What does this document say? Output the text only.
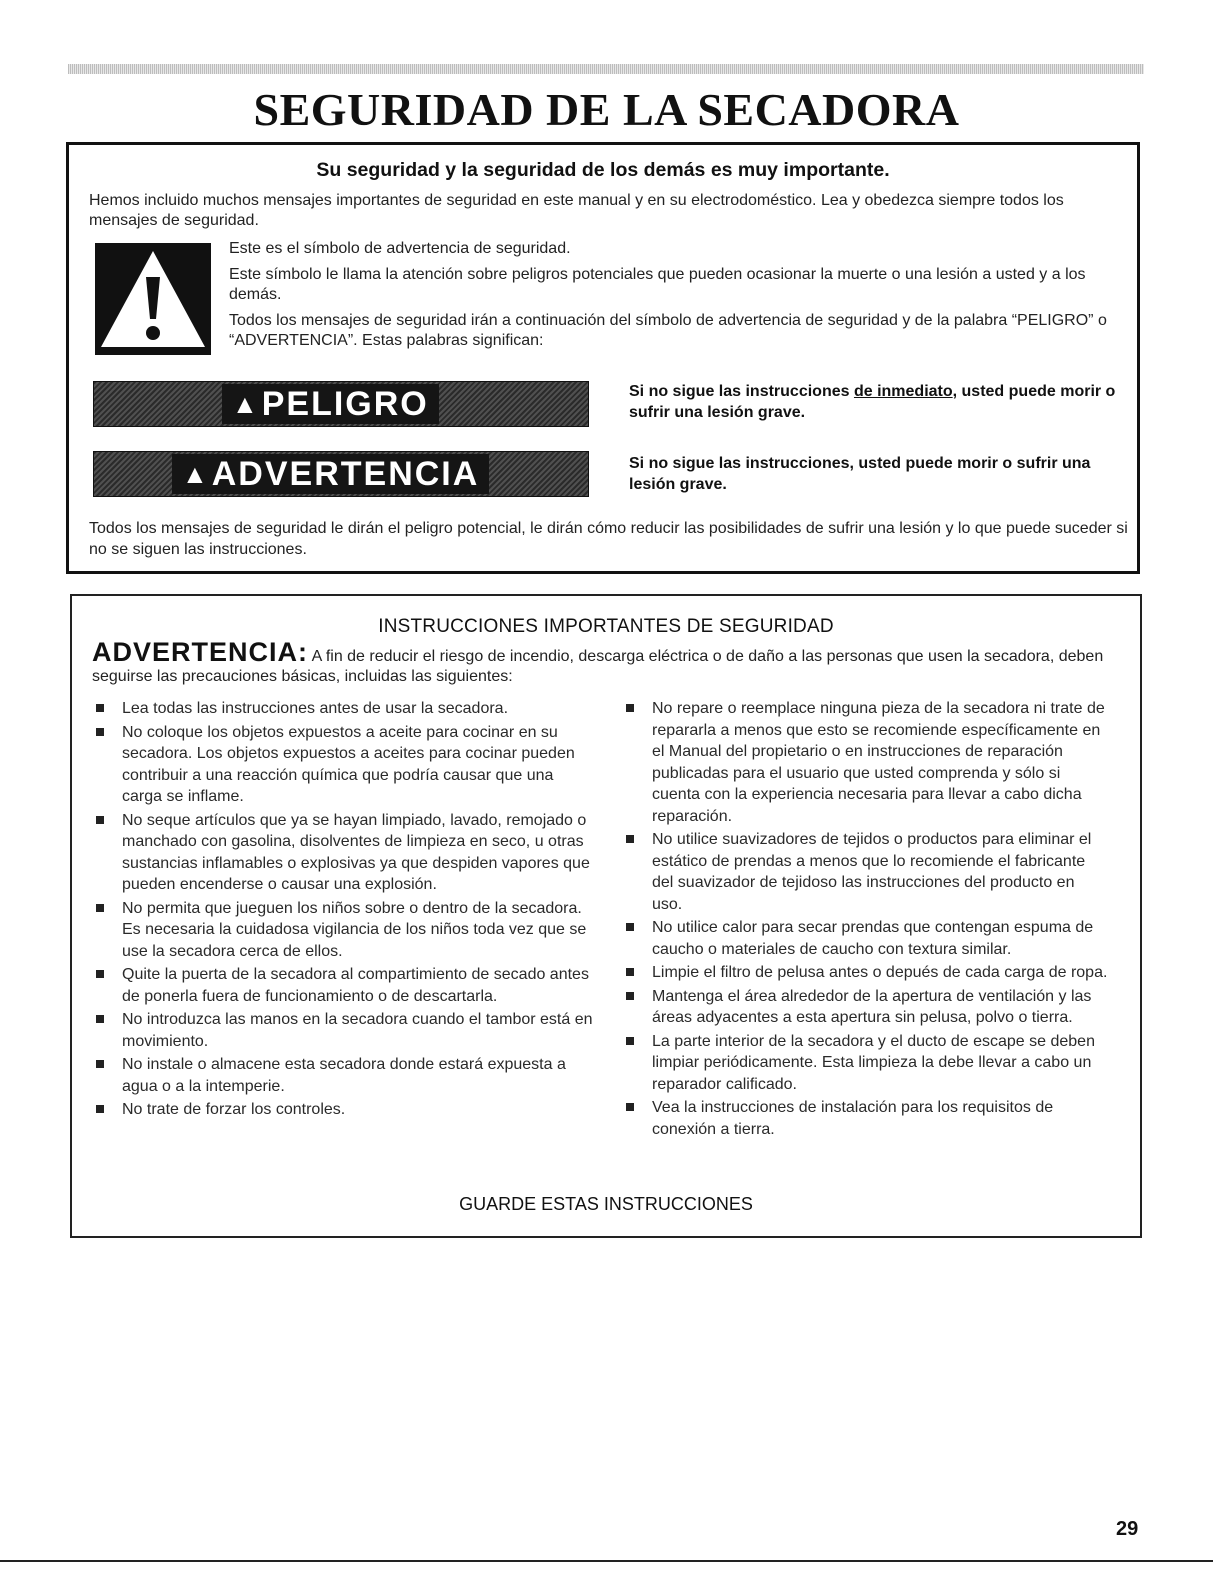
SEGURIDAD DE LA SECADORA
Su seguridad y la seguridad de los demás es muy importante.
Hemos incluido muchos mensajes importantes de seguridad en este manual y en su electrodoméstico. Lea y obedezca siempre todos los mensajes de seguridad.

Este es el símbolo de advertencia de seguridad.

Este símbolo le llama la atención sobre peligros potenciales que pueden ocasionar la muerte o una lesión a usted y a los demás.

Todos los mensajes de seguridad irán a continuación del símbolo de advertencia de seguridad y de la palabra “PELIGRO” o “ADVERTENCIA”. Estas palabras significan:

▲PELIGRO	Si no sigue las instrucciones de inmediato, usted puede morir o sufrir una lesión grave.
▲ADVERTENCIA	Si no sigue las instrucciones, usted puede morir o sufrir una lesión grave.
Todos los mensajes de seguridad le dirán el peligro potencial, le dirán cómo reducir las posibilidades de sufrir una lesión y lo que puede suceder si no se siguen las instrucciones.
INSTRUCCIONES IMPORTANTES DE SEGURIDAD
ADVERTENCIA: A fin de reducir el riesgo de incendio, descarga eléctrica o de daño a las personas que usen la secadora, deben seguirse las precauciones básicas, incluidas las siguientes:
Lea todas las instrucciones antes de usar la secadora.
No coloque los objetos expuestos a aceite para cocinar en su secadora. Los objetos expuestos a aceites para cocinar pueden contribuir a una reacción química que podría causar que una carga se inflame.
No seque artículos que ya se hayan limpiado, lavado, remojado o manchado con gasolina, disolventes de limpieza en seco, u otras sustancias inflamables o explosivas ya que despiden vapores que pueden encenderse o causar una explosión.
No permita que jueguen los niños sobre o dentro de la secadora. Es necesaria la cuidadosa vigilancia de los niños toda vez que se use la secadora cerca de ellos.
Quite la puerta de la secadora al compartimiento de secado antes de ponerla fuera de funcionamiento o de descartarla.
No introduzca las manos en la secadora cuando el tambor está en movimiento.
No instale o almacene esta secadora donde estará expuesta a agua o a la intemperie.
No trate de forzar los controles.
No repare o reemplace ninguna pieza de la secadora ni trate de repararla a menos que esto se recomiende específicamente en el Manual del propietario o en instrucciones de reparación publicadas para el usuario que usted comprenda y sólo si cuenta con la experiencia necesaria para llevar a cabo dicha reparación.
No utilice suavizadores de tejidos o productos para eliminar el estático de prendas a menos que lo recomiende el fabricante del suavizador de tejidoso las instrucciones del producto en uso.
No utilice calor para secar prendas que contengan espuma de caucho o materiales de caucho con textura similar.
Limpie el filtro de pelusa antes o depués de cada carga de ropa.
Mantenga el área alrededor de la apertura de ventilación y las áreas adyacentes a esta apertura sin pelusa, polvo o tierra.
La parte interior de la secadora y el ducto de escape se deben limpiar periódicamente. Esta limpieza la debe llevar a cabo un reparador calificado.
Vea la instrucciones de instalación para los requisitos de conexión a tierra.
GUARDE ESTAS INSTRUCCIONES
29
